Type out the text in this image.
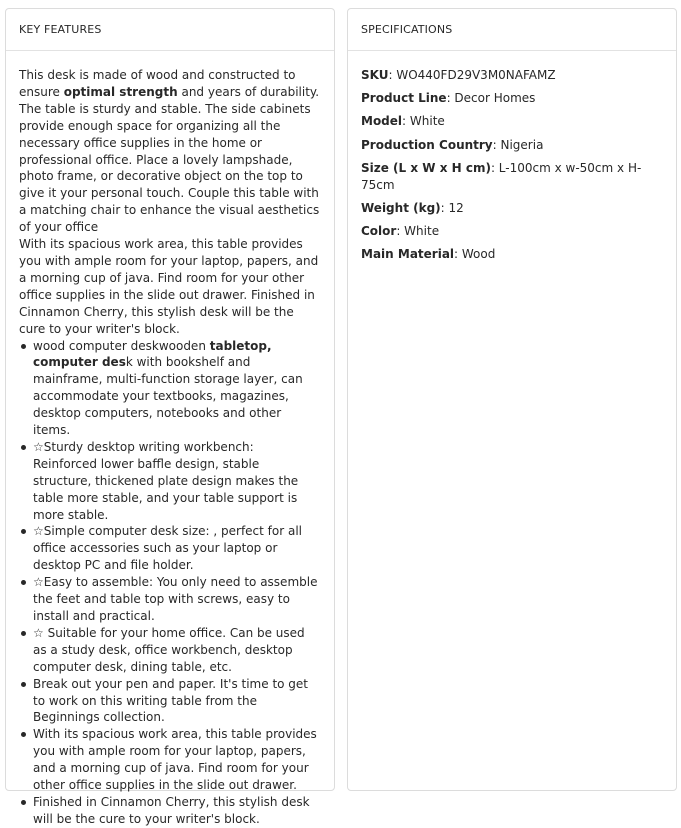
KEY FEATURES

This desk is made of wood and constructed to ensure optimal strength and years of durability. The table is sturdy and stable. The side cabinets provide enough space for organizing all the necessary office supplies in the home or professional office. Place a lovely lampshade, photo frame, or decorative object on the top to give it your personal touch. Couple this table with a matching chair to enhance the visual aesthetics of your office

With its spacious work area, this table provides you with ample room for your laptop, papers, and a morning cup of java. Find room for your other office supplies in the slide out drawer. Finished in Cinnamon Cherry, this stylish desk will be the cure to your writer's block.

wood computer deskwooden tabletop, computer desk with bookshelf and mainframe, multi-function storage layer, can accommodate your textbooks, magazines, desktop computers, notebooks and other items.
☆Sturdy desktop writing workbench: Reinforced lower baffle design, stable structure, thickened plate design makes the table more stable, and your table support is more stable.
☆Simple computer desk size: , perfect for all office accessories such as your laptop or desktop PC and file holder.
☆Easy to assemble: You only need to assemble the feet and table top with screws, easy to install and practical.
☆ Suitable for your home office. Can be used as a study desk, office workbench, desktop computer desk, dining table, etc.
Break out your pen and paper. It's time to get to work on this writing table from the Beginnings collection.
With its spacious work area, this table provides you with ample room for your laptop, papers, and a morning cup of java. Find room for your other office supplies in the slide out drawer.
Finished in Cinnamon Cherry, this stylish desk will be the cure to your writer's block.
SPECIFICATIONS
SKU: WO440FD29V3M0NAFAMZ
Product Line: Decor Homes
Model: White
Production Country: Nigeria
Size (L x W x H cm): L-100cm x w-50cm x H-75cm
Weight (kg): 12
Color: White
Main Material: Wood
